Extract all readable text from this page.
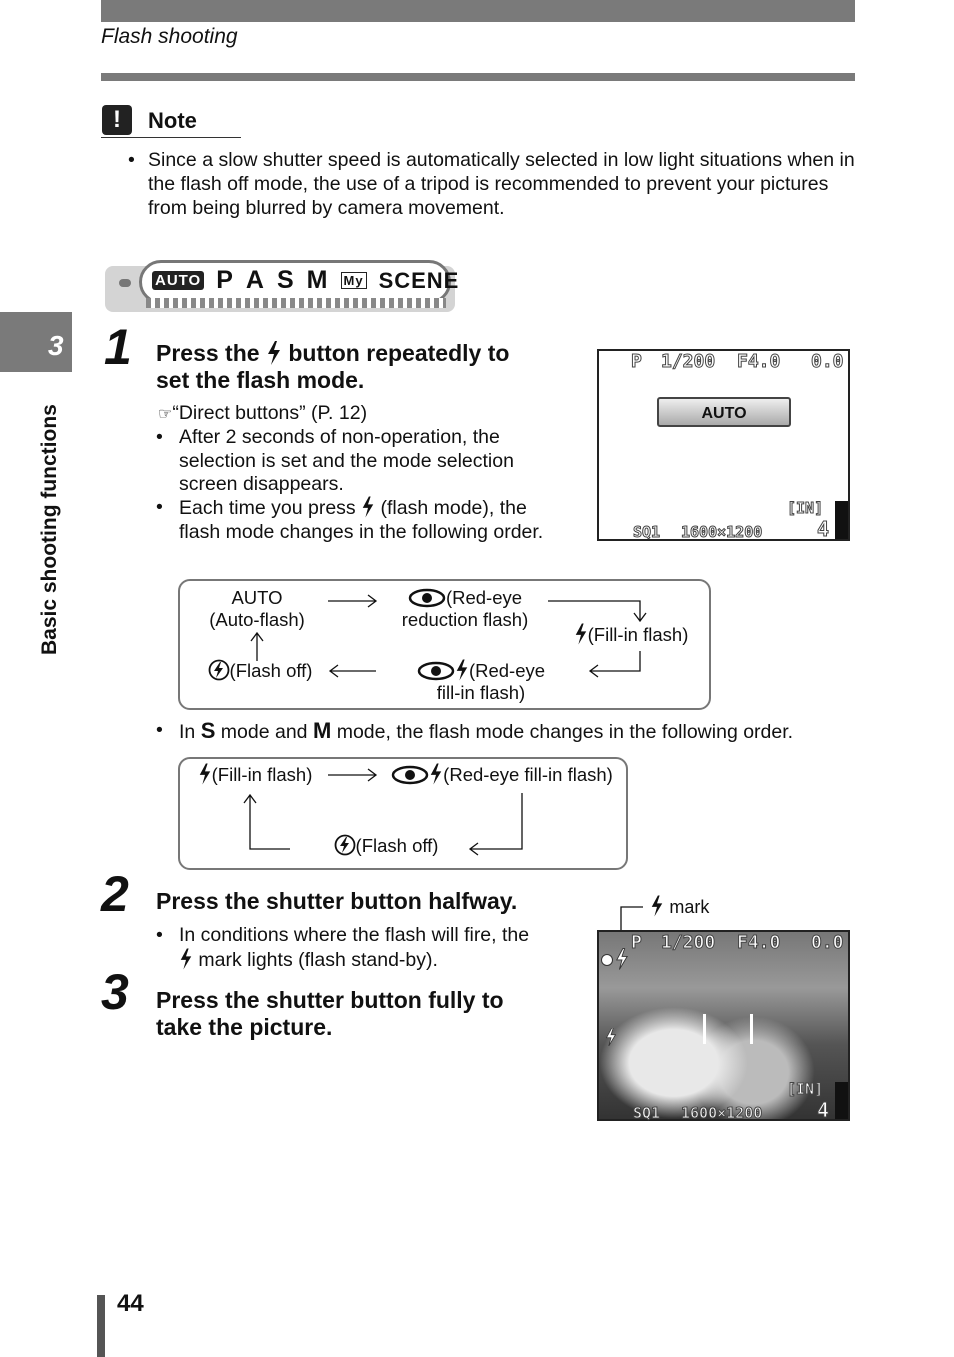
Flash shooting
!	Note
• Since a slow shutter speed is automatically selected in low light situations when in the flash off mode, the use of a tripod is recommended to prevent your pictures from being blurred by camera movement.
AUTO P A S M My SCENE
3
Basic shooting functions
1 Press the button repeatedly to
set the flash mode.
☞“Direct buttons” (P. 12)
• After 2 seconds of non-operation, the selection is set and the mode selection screen disappears.
• Each time you press (flash mode), the flash mode changes in the following order.
P 1/200 F4.0 0.0
AUTO
[IN]
SQ1 1600×1200	4
AUTO
(Auto-flash)
(Red-eye
reduction flash)
(Fill-in flash)
(Flash off)	(Red-eye
fill-in flash)
• In S mode and M mode, the flash mode changes in the following order.
(Fill-in flash)	(Red-eye fill-in flash)
(Flash off)
2 Press the shutter button halfway.
• In conditions where the flash will fire, the
mark lights (flash stand-by).
3 Press the shutter button fully to
take the picture.
mark
P 1/200 F4.0 0.0
[IN]
SQ1 1600×1200	4
44
